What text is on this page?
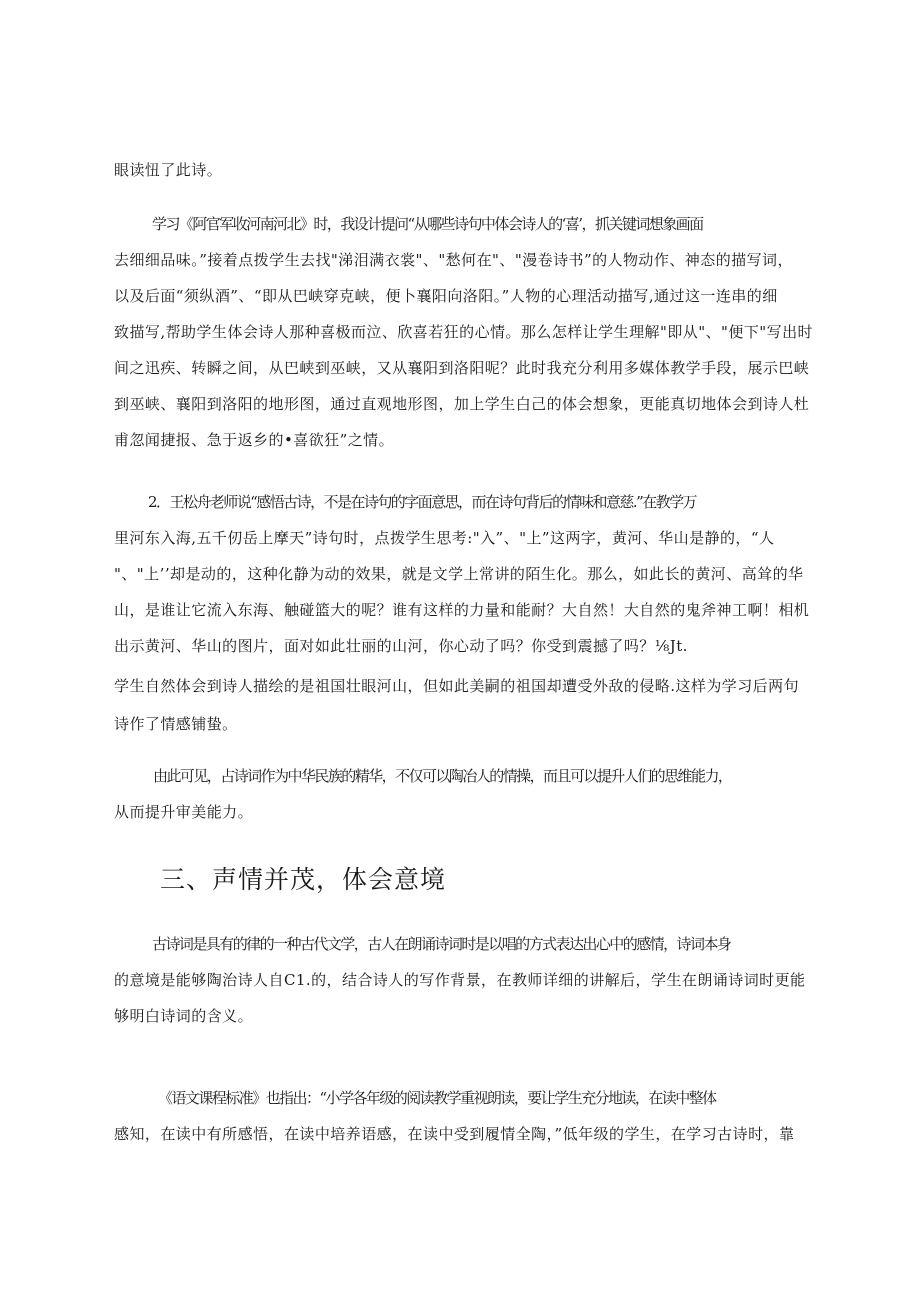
眼读忸了此诗。
学习《阿官军收河南河北》时，我设计提问“从哪些诗句中体会诗人的‘喜’，抓关键词想象画面
去细细品味。”接着点拨学生去找"涕泪满衣裳"、"愁何在"、"漫卷诗书”的人物动作、神态的描写词，
以及后面“须纵酒”、“即从巴峡穿克峡，便卜襄阳向洛阳。”人物的心理活动描写,通过这一连串的细
致描写,帮助学生体会诗人那种喜极而泣、欣喜若狂的心情。那么怎样让学生理解"即从"、"便下"写出时
间之迅疾、转瞬之间，从巴峡到巫峡，又从襄阳到洛阳呢？此时我充分利用多媒体教学手段，展示巴峡
到巫峡、襄阳到洛阳的地形图，通过直观地形图，加上学生白己的体会想象，更能真切地体会到诗人杜
甫忽闻捷报、急于返乡的•喜欲狂”之情。
2．王松舟老师说“感悟古诗，不是在诗句的字面意思，而在诗句背后的情味和意慈.”在教学万
里河东入海,五千仞岳上摩天”诗句时，点拨学生思考:"入”、"上”这两字，黄河、华山是静的，“人
"、"上’’却是动的，这种化静为动的效果，就是文学上常讲的陌生化。那么，如此长的黄河、高耸的华
山，是谁让它流入东海、触碰篮大的呢？谁有这样的力量和能耐？大自然！大自然的鬼斧神工啊！相机
出示黄河、华山的图片，面对如此壮丽的山河，你心动了吗？你受到震撼了吗？⅛Jt.
学生自然体会到诗人描绘的是祖国壮眼河山，但如此美嗣的祖国却遭受外敌的侵略.这样为学习后两句
诗作了情感铺蛰。
由此可见，占诗词作为中华民族的精华，不仅可以陶冶人的情操，而且可以提升人们的思维能力，
从而提升审美能力。
三、声情并茂，体会意境
古诗词是具有的律的一种古代文学，古人在朗诵诗词时是以唱的方式表达出心中的感情，诗词本身
的意境是能够陶治诗人自C1.的，结合诗人的写作背景，在教师详细的讲解后，学生在朗诵诗词时更能
够明白诗词的含义。
《语文课程标准》也指出：“小学各年级的阅读教学重视朗读，要让学生充分地读，在读中整体
感知，在读中有所感悟，在读中培养语感，在读中受到履情全陶，”低年级的学生，在学习古诗时，靠
